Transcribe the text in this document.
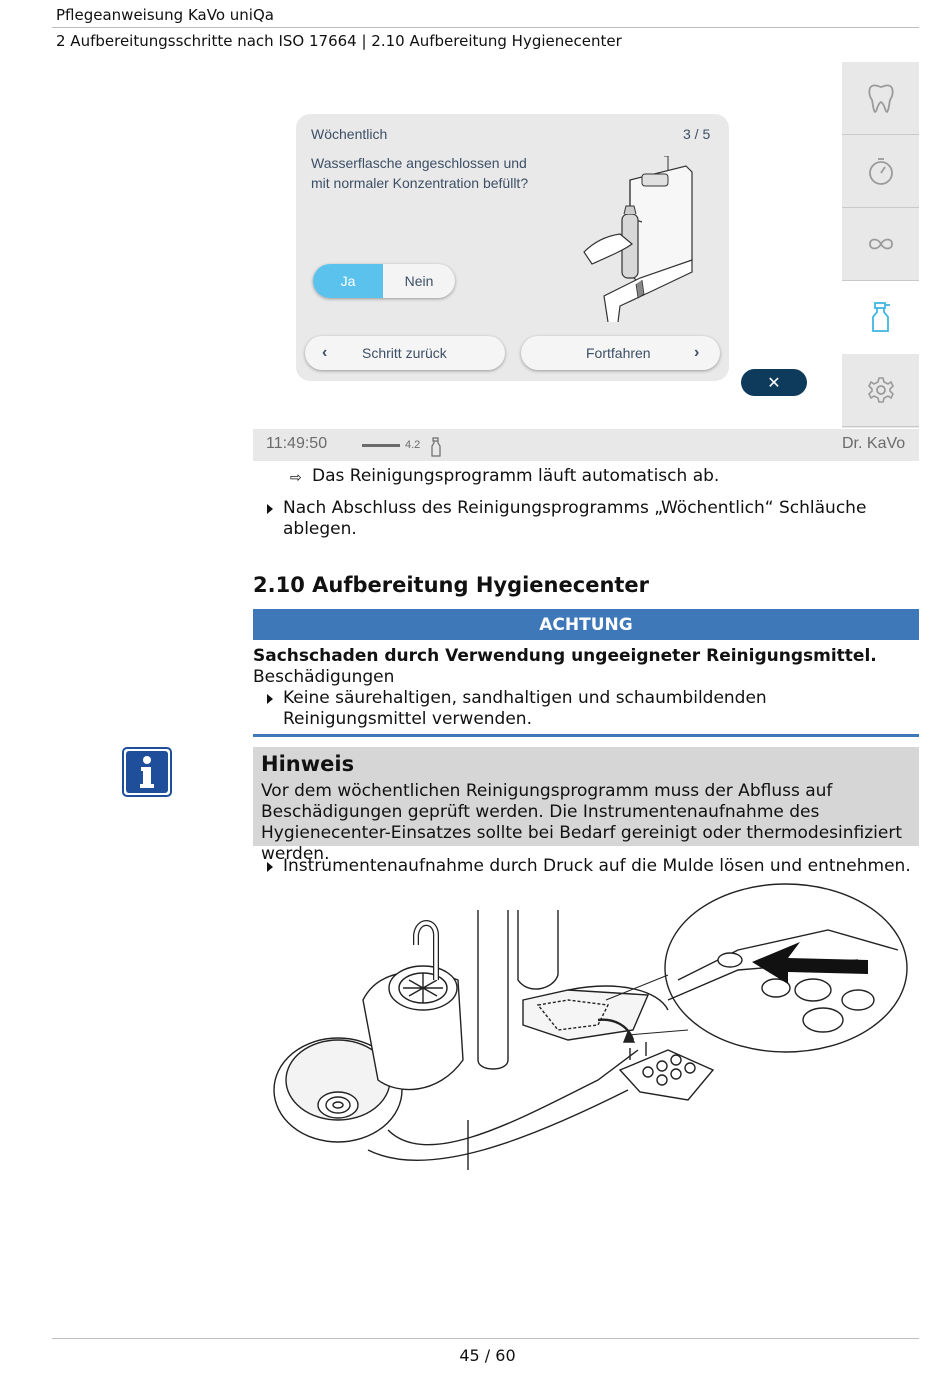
Pflegeanweisung KaVo uniQa
2 Aufbereitungsschritte nach ISO 17664 | 2.10 Aufbereitung Hygienecenter
Wöchentlich	3 / 5
Wasserflasche angeschlossen und mit normaler Konzentration befüllt?
Ja	Nein
‹ Schritt zurück	Fortfahren	›
✕
11:49:50	4.2	Dr. KaVo
⇨ Das Reinigungsprogramm läuft automatisch ab.
Nach Abschluss des Reinigungsprogramms „Wöchentlich“ Schläuche ablegen.
2.10 Aufbereitung Hygienecenter
ACHTUNG
Sachschaden durch Verwendung ungeeigneter Reinigungsmittel.
Beschädigungen
Keine säurehaltigen, sandhaltigen und schaumbildenden Reinigungsmittel verwenden.
Hinweis
Vor dem wöchentlichen Reinigungsprogramm muss der Abfluss auf Beschädigungen geprüft werden. Die Instrumentenaufnahme des Hygienecenter-Einsatzes sollte bei Bedarf gereinigt oder thermodesinfiziert werden.
Instrumentenaufnahme durch Druck auf die Mulde lösen und entnehmen.
45 / 60
